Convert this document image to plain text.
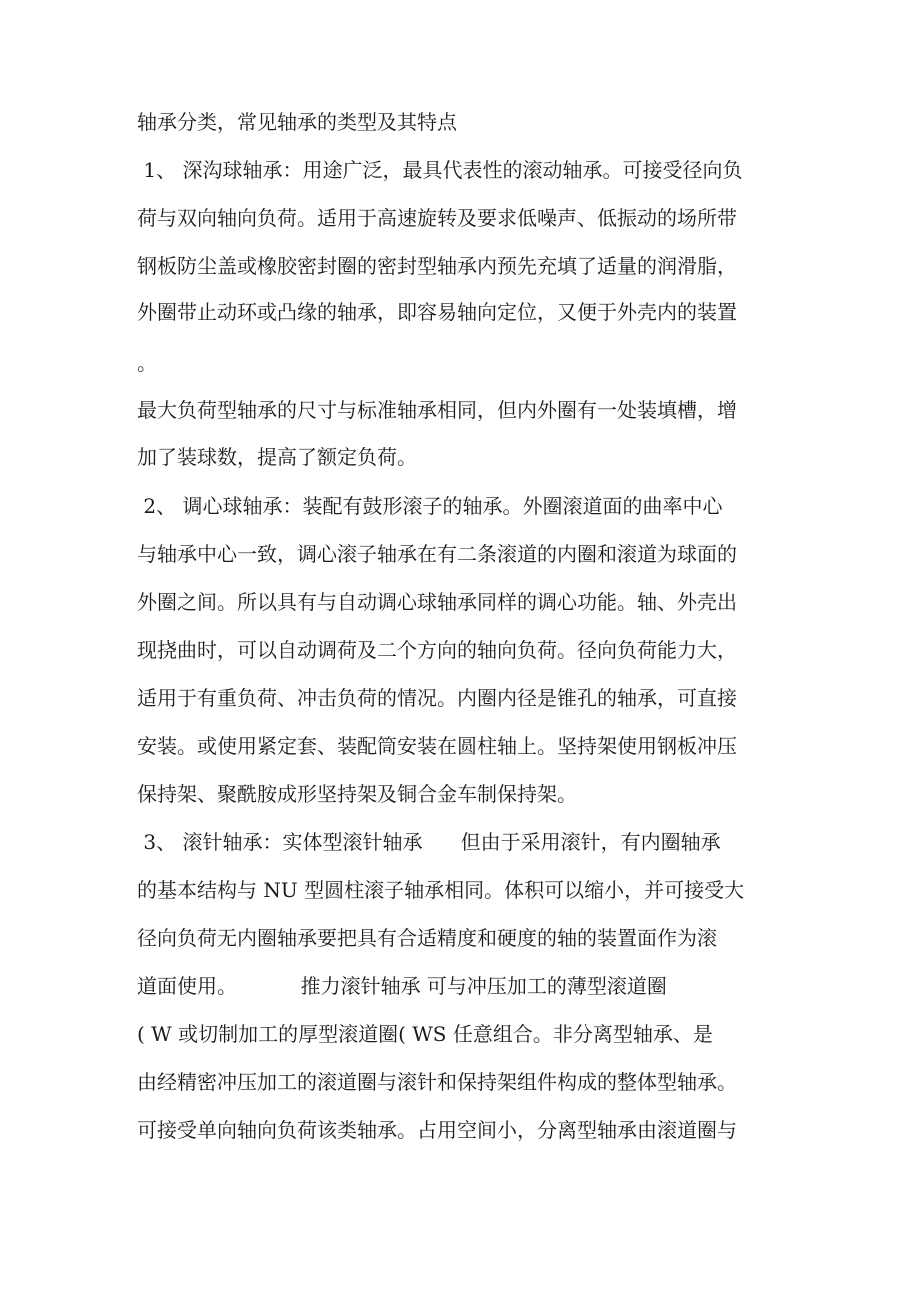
轴承分类，常见轴承的类型及其特点
1、 深沟球轴承：用途广泛，最具代表性的滚动轴承。可接受径向负
荷与双向轴向负荷。适用于高速旋转及要求低噪声、低振动的场所带
钢板防尘盖或橡胶密封圈的密封型轴承内预先充填了适量的润滑脂，
外圈带止动环或凸缘的轴承，即容易轴向定位，又便于外壳内的装置
。
最大负荷型轴承的尺寸与标准轴承相同，但内外圈有一处装填槽，增
加了装球数，提高了额定负荷。
2、 调心球轴承：装配有鼓形滚子的轴承。外圈滚道面的曲率中心
与轴承中心一致，调心滚子轴承在有二条滚道的内圈和滚道为球面的
外圈之间。所以具有与自动调心球轴承同样的调心功能。轴、外壳出
现挠曲时，可以自动调荷及二个方向的轴向负荷。径向负荷能力大，
适用于有重负荷、冲击负荷的情况。内圈内径是锥孔的轴承，可直接
安装。或使用紧定套、装配筒安装在圆柱轴上。坚持架使用钢板冲压
保持架、聚酰胺成形坚持架及铜合金车制保持架。
3、 滚针轴承：实体型滚针轴承      但由于采用滚针，有内圈轴承
的基本结构与 NU 型圆柱滚子轴承相同。体积可以缩小，并可接受大
径向负荷无内圈轴承要把具有合适精度和硬度的轴的装置面作为滚
道面使用。          推力滚针轴承 可与冲压加工的薄型滚道圈
( W 或切制加工的厚型滚道圈( WS 任意组合。非分离型轴承、是
由经精密冲压加工的滚道圈与滚针和保持架组件构成的整体型轴承。
可接受单向轴向负荷该类轴承。占用空间小，分离型轴承由滚道圈与
